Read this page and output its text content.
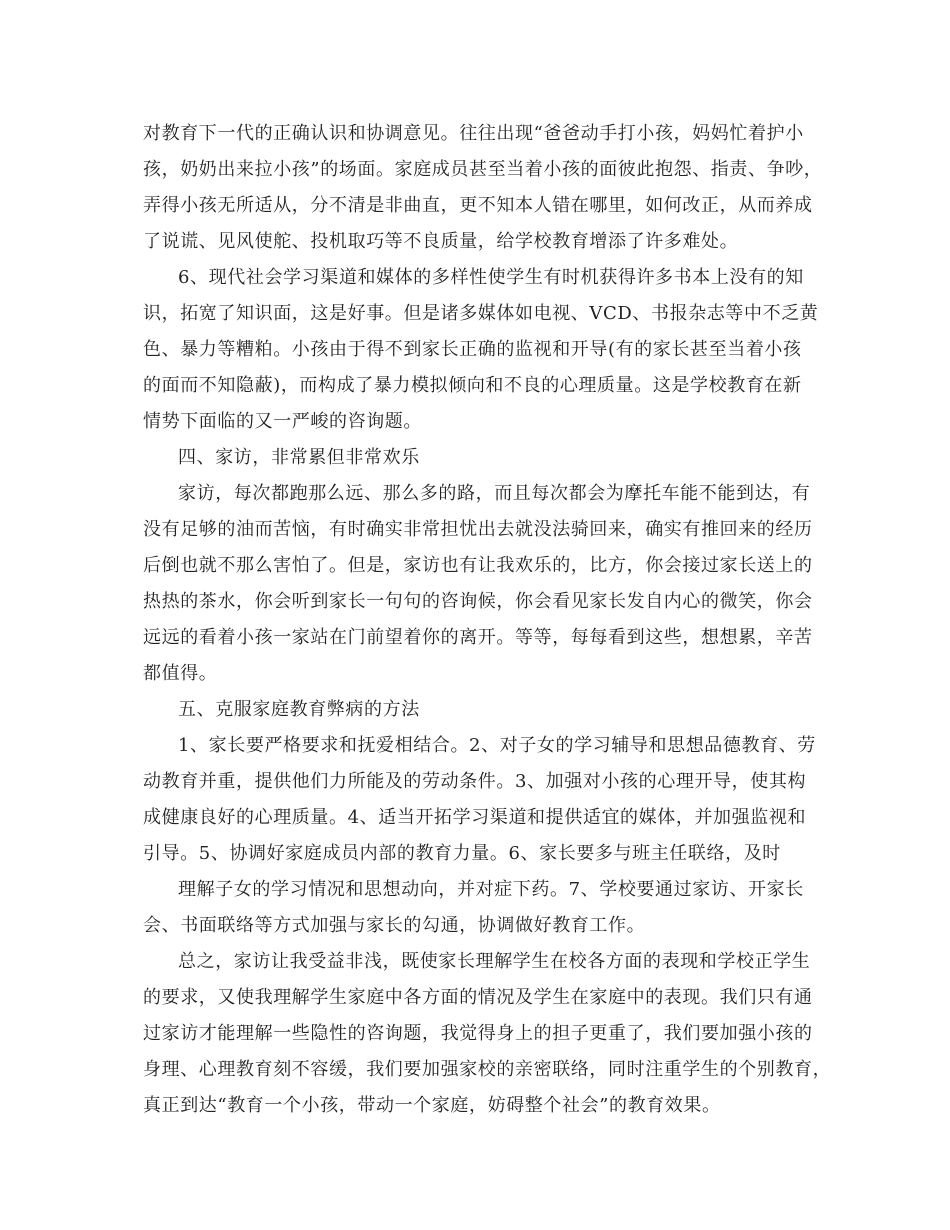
对教育下一代的正确认识和协调意见。往往出现“爸爸动手打小孩，妈妈忙着护小
孩，奶奶出来拉小孩”的场面。家庭成员甚至当着小孩的面彼此抱怨、指责、争吵，
弄得小孩无所适从，分不清是非曲直，更不知本人错在哪里，如何改正，从而养成
了说谎、见风使舵、投机取巧等不良质量，给学校教育增添了许多难处。
6、现代社会学习渠道和媒体的多样性使学生有时机获得许多书本上没有的知
识，拓宽了知识面，这是好事。但是诸多媒体如电视、VCD、书报杂志等中不乏黄
色、暴力等糟粕。小孩由于得不到家长正确的监视和开导(有的家长甚至当着小孩
的面而不知隐蔽)，而构成了暴力模拟倾向和不良的心理质量。这是学校教育在新
情势下面临的又一严峻的咨询题。
四、家访，非常累但非常欢乐
家访，每次都跑那么远、那么多的路，而且每次都会为摩托车能不能到达，有
没有足够的油而苦恼，有时确实非常担忧出去就没法骑回来，确实有推回来的经历
后倒也就不那么害怕了。但是，家访也有让我欢乐的，比方，你会接过家长送上的
热热的茶水，你会听到家长一句句的咨询候，你会看见家长发自内心的微笑，你会
远远的看着小孩一家站在门前望着你的离开。等等，每每看到这些，想想累，辛苦
都值得。
五、克服家庭教育弊病的方法
1、家长要严格要求和抚爱相结合。2、对子女的学习辅导和思想品德教育、劳
动教育并重，提供他们力所能及的劳动条件。3、加强对小孩的心理开导，使其构
成健康良好的心理质量。4、适当开拓学习渠道和提供适宜的媒体，并加强监视和
引导。5、协调好家庭成员内部的教育力量。6、家长要多与班主任联络，及时
理解子女的学习情况和思想动向，并对症下药。7、学校要通过家访、开家长
会、书面联络等方式加强与家长的勾通，协调做好教育工作。
总之，家访让我受益非浅，既使家长理解学生在校各方面的表现和学校正学生
的要求，又使我理解学生家庭中各方面的情况及学生在家庭中的表现。我们只有通
过家访才能理解一些隐性的咨询题，我觉得身上的担子更重了，我们要加强小孩的
身理、心理教育刻不容缓，我们要加强家校的亲密联络，同时注重学生的个别教育，
真正到达“教育一个小孩，带动一个家庭，妨碍整个社会”的教育效果。
